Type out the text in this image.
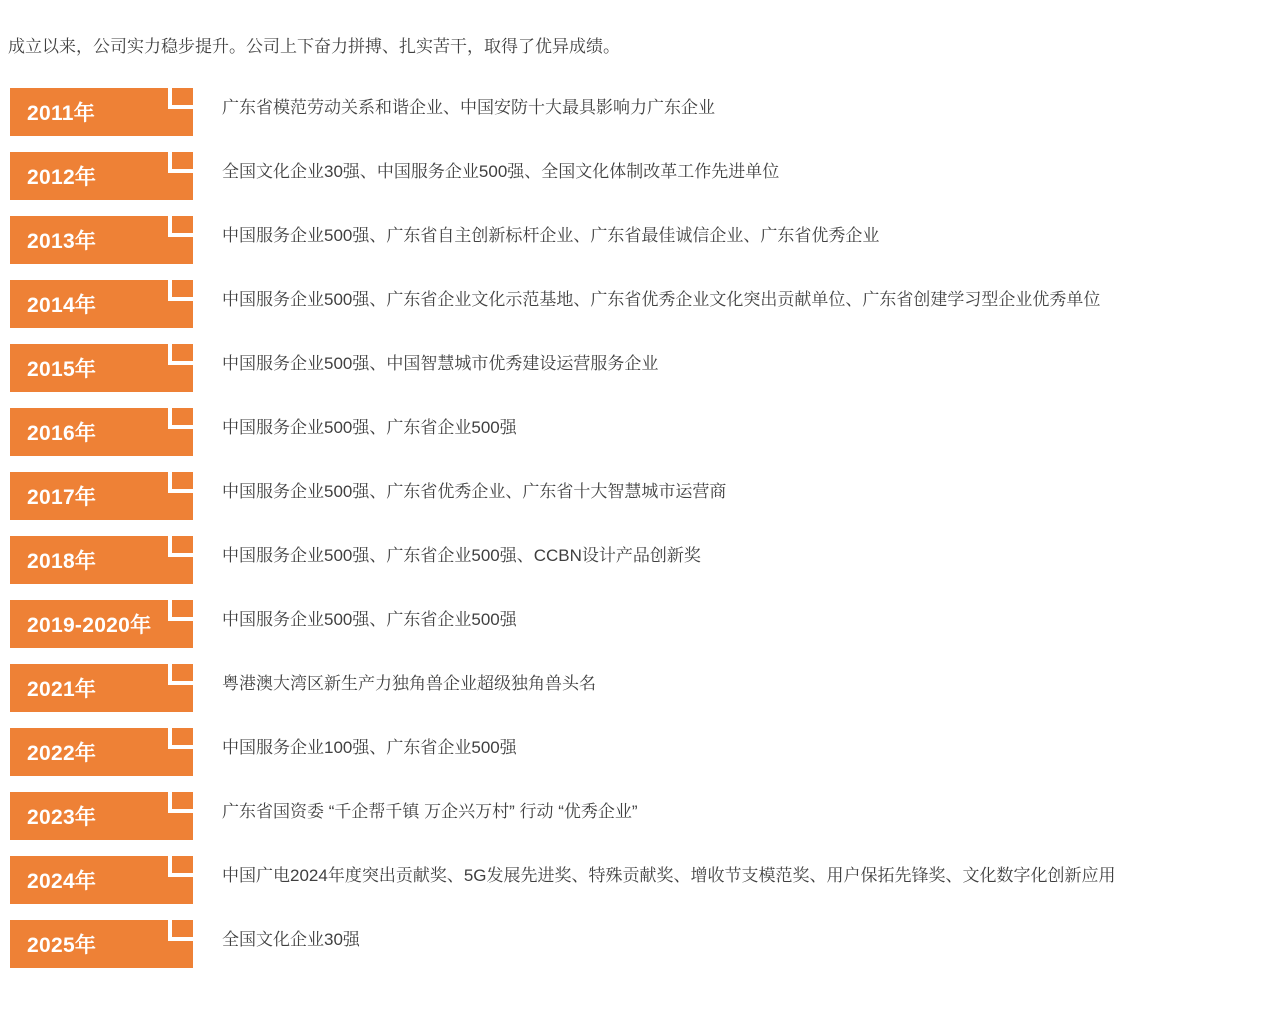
成立以来，公司实力稳步提升。公司上下奋力拼搏、扎实苦干，取得了优异成绩。

2011年	广东省模范劳动关系和谐企业、中国安防十大最具影响力广东企业
2012年	全国文化企业30强、中国服务企业500强、全国文化体制改革工作先进单位
2013年	中国服务企业500强、广东省自主创新标杆企业、广东省最佳诚信企业、广东省优秀企业
2014年	中国服务企业500强、广东省企业文化示范基地、广东省优秀企业文化突出贡献单位、广东省创建学习型企业优秀单位
2015年	中国服务企业500强、中国智慧城市优秀建设运营服务企业
2016年	中国服务企业500强、广东省企业500强
2017年	中国服务企业500强、广东省优秀企业、广东省十大智慧城市运营商
2018年	中国服务企业500强、广东省企业500强、CCBN设计产品创新奖
2019-2020年	中国服务企业500强、广东省企业500强
2021年	粤港澳大湾区新生产力独角兽企业超级独角兽头名
2022年	中国服务企业100强、广东省企业500强
2023年	广东省国资委 “千企帮千镇 万企兴万村” 行动 “优秀企业”
2024年	中国广电2024年度突出贡献奖、5G发展先进奖、特殊贡献奖、增收节支模范奖、用户保拓先锋奖、文化数字化创新应用
2025年	全国文化企业30强
